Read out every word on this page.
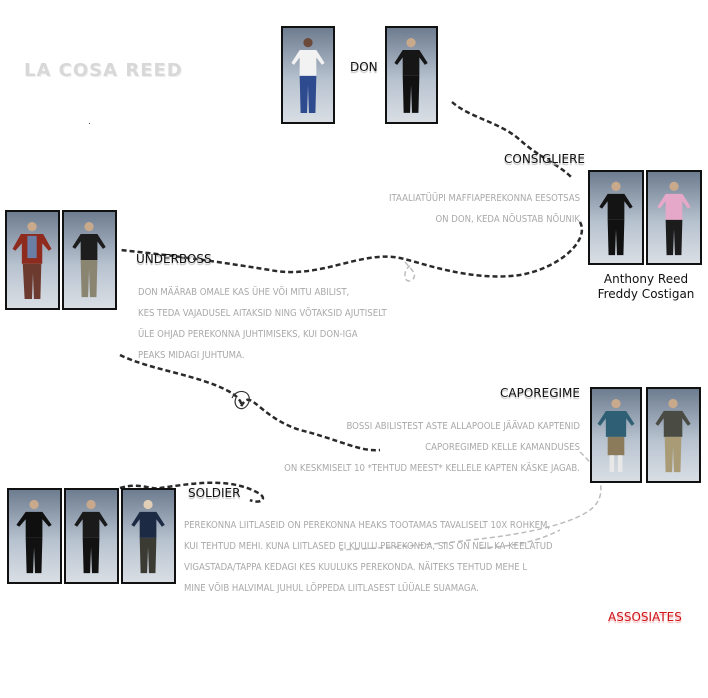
LA COSA REED	DON
CONSIGLIERE
ITAALIATÜÜPI MAFFIAPEREKONNA EESOTSAS
ON DON, KEDA NÕUSTAB NÕUNIK
Anthony Reed
Freddy Costigan
UNDERBOSS
DON MÄÄRAB OMALE KAS ÜHE VÕI MITU ABILIST,
KES TEDA VAJADUSEL AITAKSID NING VÕTAKSID AJUTISELT
ÜLE OHJAD PEREKONNA JUHTIMISEKS, KUI DON-IGA
PEAKS MIDAGI JUHTUMA.
CAPOREGIME
BOSSI ABILISTEST ASTE ALLAPOOLE JÄÄVAD KAPTENID
CAPOREGIMED KELLE KAMANDUSES
ON KESKMISELT 10 *TEHTUD MEEST* KELLELE KAPTEN KÄSKE JAGAB.
SOLDIER
PEREKONNA LIITLASEID ON PEREKONNA HEAKS TOOTAMAS TAVALISELT 10X ROHKEM,
KUI TEHTUD MEHI. KUNA LIITLASED EI KUULU PEREKONDA, SIIS ON NEIL KA KEELATUD
VIGASTADA/TAPPA KEDAGI KES KUULUKS PEREKONDA. NÄITEKS TEHTUD MEHE L
MINE VÕIB HALVIMAL JUHUL LÕPPEDA LIITLASEST LÜÜALE SUAMAGA.
ASSOSIATES
